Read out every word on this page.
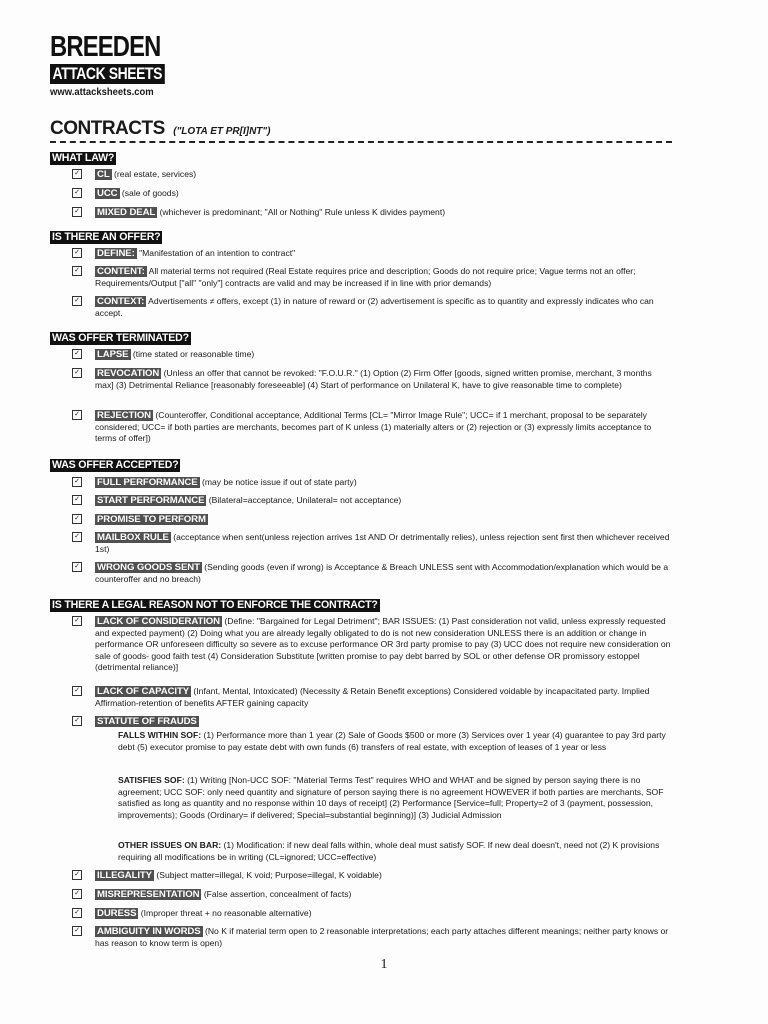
BREEDEN
ATTACK SHEETS
www.attacksheets.com
CONTRACTS ("LOTA ET PR[I]NT")
WHAT LAW?
✓ CL (real estate, services)
✓ UCC (sale of goods)
✓ MIXED DEAL (whichever is predominant; "All or Nothing" Rule unless K divides payment)
IS THERE AN OFFER?
✓ DEFINE: "Manifestation of an intention to contract"
✓ CONTENT: All material terms not required (Real Estate requires price and description; Goods do not require price; Vague terms not an offer; Requirements/Output ["all" "only"] contracts are valid and may be increased if in line with prior demands)
✓ CONTEXT: Advertisements ≠ offers, except (1) in nature of reward or (2) advertisement is specific as to quantity and expressly indicates who can accept.
WAS OFFER TERMINATED?
✓ LAPSE (time stated or reasonable time)
✓ REVOCATION (Unless an offer that cannot be revoked: "F.O.U.R." (1) Option (2) Firm Offer [goods, signed written promise, merchant, 3 months max] (3) Detrimental Reliance [reasonably foreseeable] (4) Start of performance on Unilateral K, have to give reasonable time to complete)
✓ REJECTION (Counteroffer, Conditional acceptance, Additional Terms [CL= "Mirror Image Rule"; UCC= if 1 merchant, proposal to be separately considered; UCC= if both parties are merchants, becomes part of K unless (1) materially alters or (2) rejection or (3) expressly limits acceptance to terms of offer])
WAS OFFER ACCEPTED?
✓ FULL PERFORMANCE (may be notice issue if out of state party)
✓ START PERFORMANCE (Bilateral=acceptance, Unilateral= not acceptance)
✓ PROMISE TO PERFORM
✓ MAILBOX RULE (acceptance when sent(unless rejection arrives 1st AND Or detrimentally relies), unless rejection sent first then whichever received 1st)
✓ WRONG GOODS SENT (Sending goods (even if wrong) is Acceptance & Breach UNLESS sent with Accommodation/explanation which would be a counteroffer and no breach)
IS THERE A LEGAL REASON NOT TO ENFORCE THE CONTRACT?
✓ LACK OF CONSIDERATION (Define: "Bargained for Legal Detriment"; BAR ISSUES: (1) Past consideration not valid, unless expressly requested and expected payment) (2) Doing what you are already legally obligated to do is not new consideration UNLESS there is an addition or change in performance OR unforeseen difficulty so severe as to excuse performance OR 3rd party promise to pay (3) UCC does not require new consideration on sale of goods- good faith test (4) Consideration Substitute [written promise to pay debt barred by SOL or other defense OR promissory estoppel (detrimental reliance)]
✓ LACK OF CAPACITY (Infant, Mental, Intoxicated) (Necessity & Retain Benefit exceptions) Considered voidable by incapacitated party. Implied Affirmation-retention of benefits AFTER gaining capacity
✓ STATUTE OF FRAUDS
FALLS WITHIN SOF: (1) Performance more than 1 year (2) Sale of Goods $500 or more (3) Services over 1 year (4) guarantee to pay 3rd party debt (5) executor promise to pay estate debt with own funds (6) transfers of real estate, with exception of leases of 1 year or less
SATISFIES SOF: (1) Writing [Non-UCC SOF: "Material Terms Test" requires WHO and WHAT and be signed by person saying there is no agreement; UCC SOF: only need quantity and signature of person saying there is no agreement HOWEVER if both parties are merchants, SOF satisfied as long as quantity and no response within 10 days of receipt] (2) Performance [Service=full; Property=2 of 3 (payment, possession, improvements); Goods (Ordinary= if delivered; Special=substantial beginning)] (3) Judicial Admission
OTHER ISSUES ON BAR: (1) Modification: if new deal falls within, whole deal must satisfy SOF. If new deal doesn't, need not (2) K provisions requiring all modifications be in writing (CL=ignored; UCC=effective)
✓ ILLEGALITY (Subject matter=illegal, K void; Purpose=illegal, K voidable)
✓ MISREPRESENTATION (False assertion, concealment of facts)
✓ DURESS (Improper threat + no reasonable alternative)
✓ AMBIGUITY IN WORDS (No K if material term open to 2 reasonable interpretations; each party attaches different meanings; neither party knows or has reason to know term is open)
1
